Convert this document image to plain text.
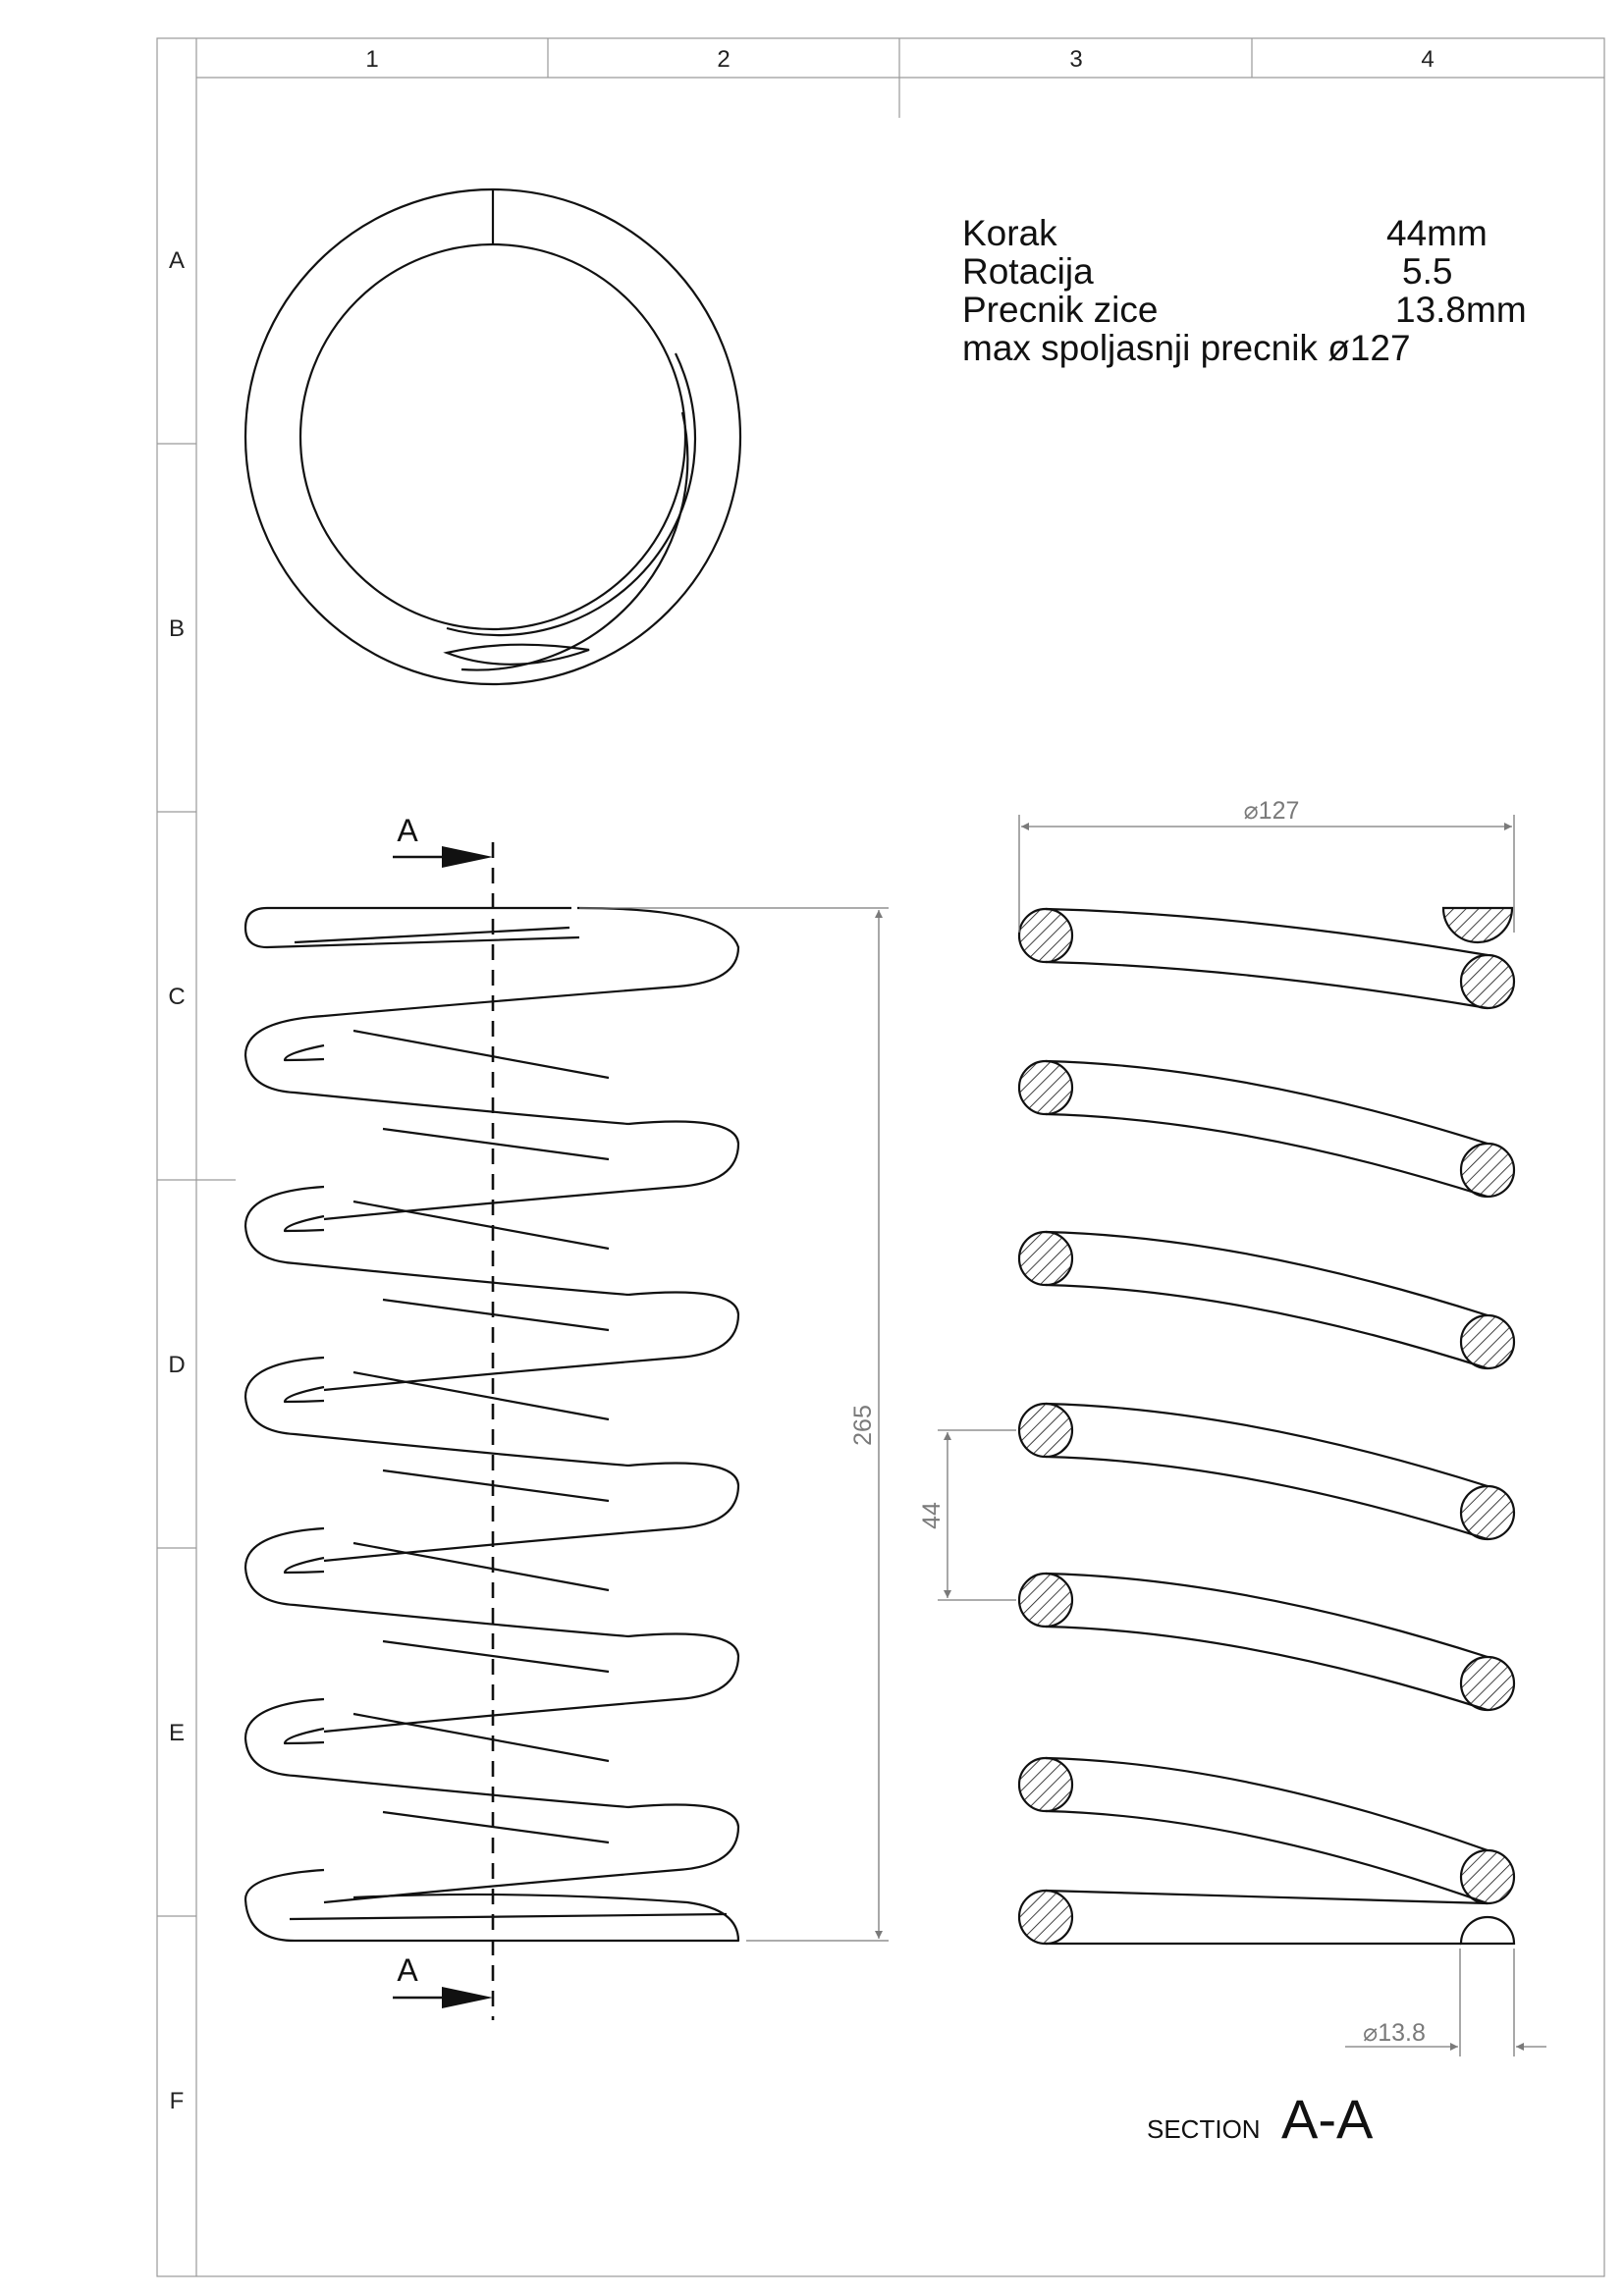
1	2	3	4
A
B
C
D
E
F
A
A
265
⌀127
44
⌀13.8
SECTION A-A
Korak	44mm
Rotacija	5.5
Precnik zice	13.8mm
max spoljasnji precnik ø127
